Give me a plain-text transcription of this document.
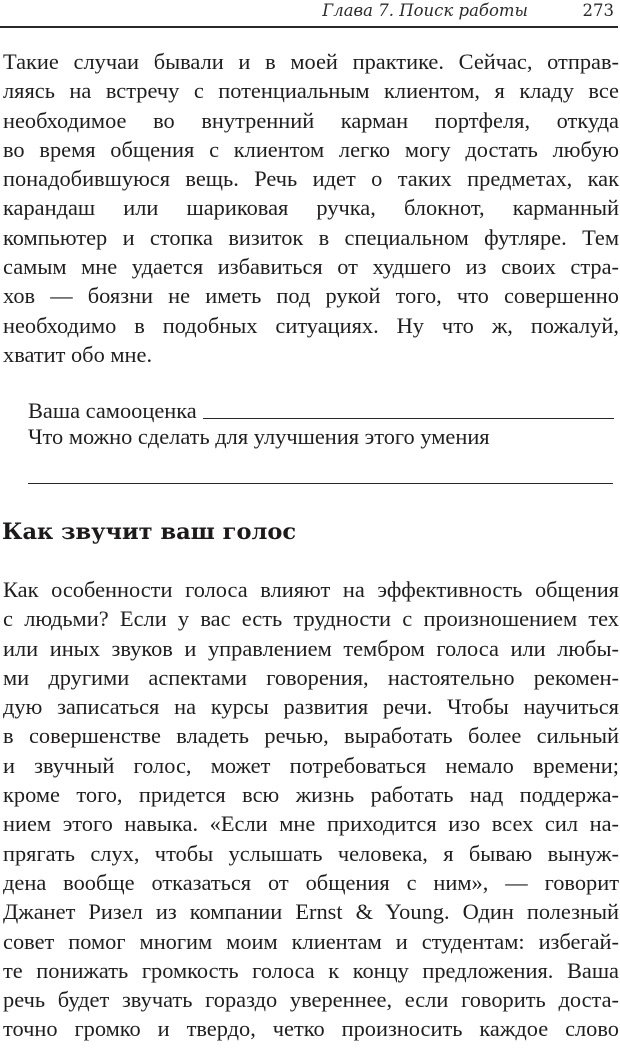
Глава 7. Поиск работы	273
Такие случаи бывали и в моей практике. Сейчас, отправ-
ляясь на встречу с потенциальным клиентом, я кладу все
необходимое во внутренний карман портфеля, откуда
во время общения с клиентом легко могу достать любую
понадобившуюся вещь. Речь идет о таких предметах, как
карандаш или шариковая ручка, блокнот, карманный
компьютер и стопка визиток в специальном футляре. Тем
самым мне удается избавиться от худшего из своих стра-
хов — боязни не иметь под рукой того, что совершенно
необходимо в подобных ситуациях. Ну что ж, пожалуй,
хватит обо мне.
Ваша самооценка
Что можно сделать для улучшения этого умения
Как звучит ваш голос
Как особенности голоса влияют на эффективность общения
с людьми? Если у вас есть трудности с произношением тех
или иных звуков и управлением тембром голоса или любы-
ми другими аспектами говорения, настоятельно рекомен-
дую записаться на курсы развития речи. Чтобы научиться
в совершенстве владеть речью, выработать более сильный
и звучный голос, может потребоваться немало времени;
кроме того, придется всю жизнь работать над поддержа-
нием этого навыка. «Если мне приходится изо всех сил на-
прягать слух, чтобы услышать человека, я бываю вынуж-
дена вообще отказаться от общения с ним», — говорит
Джанет Ризел из компании Ernst & Young. Один полезный
совет помог многим моим клиентам и студентам: избегай-
те понижать громкость голоса к концу предложения. Ваша
речь будет звучать гораздо увереннее, если говорить доста-
точно громко и твердо, четко произносить каждое слово
